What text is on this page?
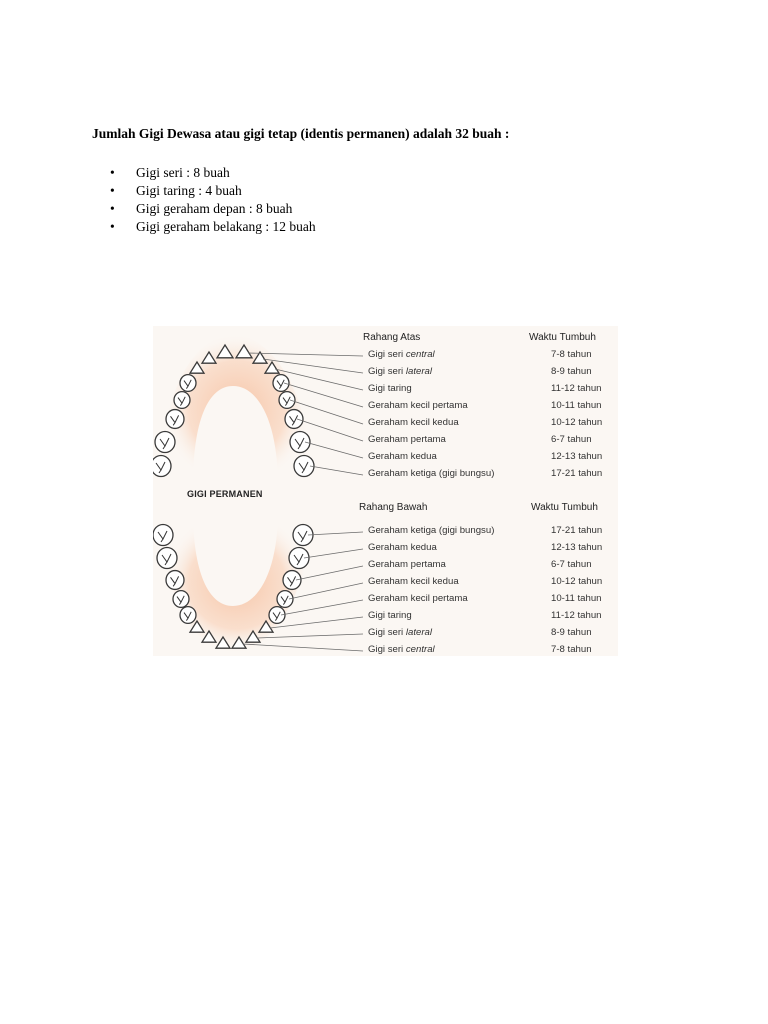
Jumlah Gigi Dewasa atau gigi tetap (identis permanen) adalah 32 buah :

• Gigi seri : 8 buah
• Gigi taring : 4 buah
• Gigi geraham depan : 8 buah
• Gigi geraham belakang : 12 buah
GIGI PERMANEN
Rahang Atas	Waktu Tumbuh
Gigi seri central	7-8 tahun
Gigi seri lateral	8-9 tahun
Gigi taring	11-12 tahun
Geraham kecil pertama	10-11 tahun
Geraham kecil kedua	10-12 tahun
Geraham pertama	6-7 tahun
Geraham kedua	12-13 tahun
Geraham ketiga (gigi bungsu)	17-21 tahun
Rahang Bawah	Waktu Tumbuh
Geraham ketiga (gigi bungsu)	17-21 tahun
Geraham kedua	12-13 tahun
Geraham pertama	6-7 tahun
Geraham kecil kedua	10-12 tahun
Geraham kecil pertama	10-11 tahun
Gigi taring	11-12 tahun
Gigi seri lateral	8-9 tahun
Gigi seri central	7-8 tahun
